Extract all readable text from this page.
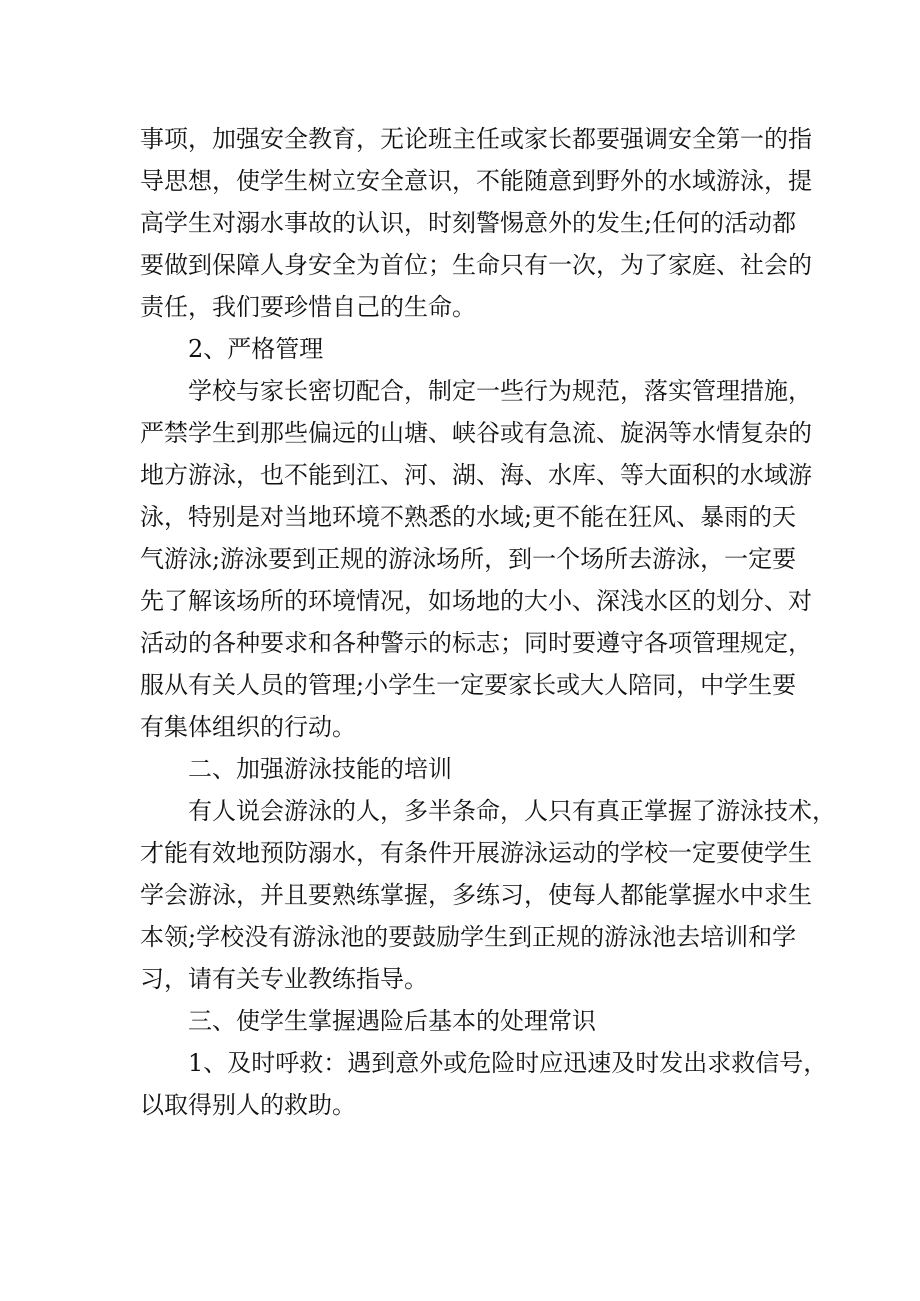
事项，加强安全教育，无论班主任或家长都要强调安全第一的指
导思想，使学生树立安全意识，不能随意到野外的水域游泳，提
高学生对溺水事故的认识，时刻警惕意外的发生;任何的活动都
要做到保障人身安全为首位；生命只有一次，为了家庭、社会的
责任，我们要珍惜自己的生命。
2、严格管理
学校与家长密切配合，制定一些行为规范，落实管理措施，
严禁学生到那些偏远的山塘、峡谷或有急流、旋涡等水情复杂的
地方游泳，也不能到江、河、湖、海、水库、等大面积的水域游
泳，特别是对当地环境不熟悉的水域;更不能在狂风、暴雨的天
气游泳;游泳要到正规的游泳场所，到一个场所去游泳，一定要
先了解该场所的环境情况，如场地的大小、深浅水区的划分、对
活动的各种要求和各种警示的标志；同时要遵守各项管理规定，
服从有关人员的管理;小学生一定要家长或大人陪同，中学生要
有集体组织的行动。
二、加强游泳技能的培训
有人说会游泳的人，多半条命，人只有真正掌握了游泳技术，
才能有效地预防溺水，有条件开展游泳运动的学校一定要使学生
学会游泳，并且要熟练掌握，多练习，使每人都能掌握水中求生
本领;学校没有游泳池的要鼓励学生到正规的游泳池去培训和学
习，请有关专业教练指导。
三、使学生掌握遇险后基本的处理常识
1、及时呼救：遇到意外或危险时应迅速及时发出求救信号，
以取得别人的救助。
